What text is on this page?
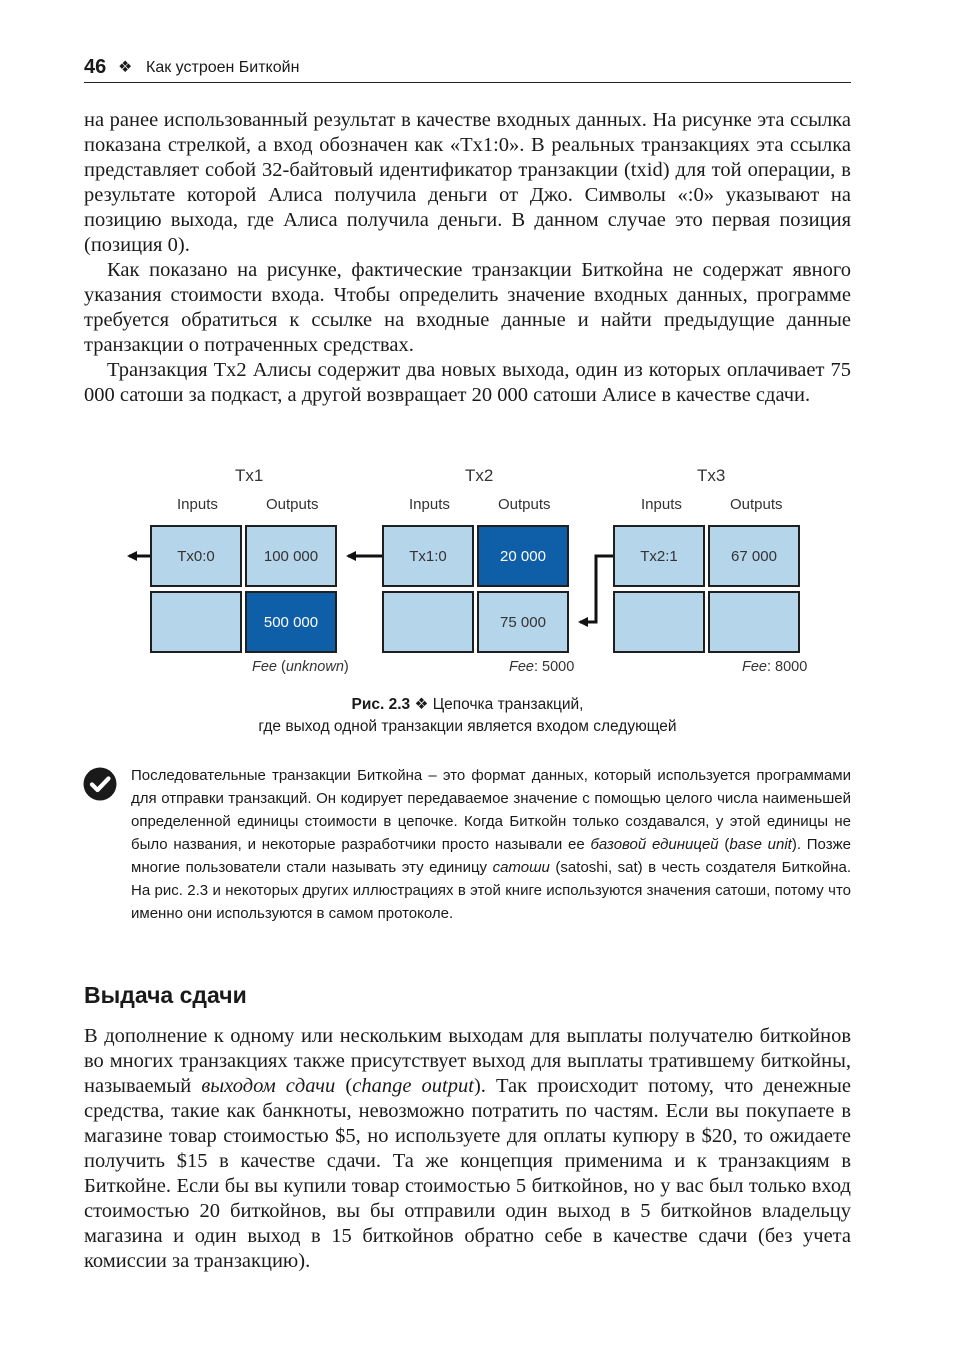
46 ❖ Как устроен Биткойн

на ранее использованный результат в качестве входных данных. На рисунке эта ссылка показана стрелкой, а вход обозначен как «Tx1:0». В реальных транзакциях эта ссылка представляет собой 32-байтовый идентификатор транзакции (txid) для той операции, в результате которой Алиса получила деньги от Джо. Символы «:0» указывают на позицию выхода, где Алиса получила деньги. В данном случае это первая позиция (позиция 0).

Как показано на рисунке, фактические транзакции Биткойна не содержат явного указания стоимости входа. Чтобы определить значение входных данных, программе требуется обратиться к ссылке на входные данные и найти предыдущие данные транзакции о потраченных средствах.

Транзакция Tx2 Алисы содержит два новых выхода, один из которых оплачивает 75 000 сатоши за подкаст, а другой возвращает 20 000 сатоши Алисе в качестве сдачи.

Tx1
Inputs	Outputs
Tx0:0	100 000
500 000
Fee (unknown)
Tx2
Inputs	Outputs
Tx1:0	20 000
75 000
Fee: 5000
Tx3
Inputs	Outputs
Tx2:1	67 000
Fee: 8000
Рис. 2.3 ❖ Цепочка транзакций,
где выход одной транзакции является входом следующей

Последовательные транзакции Биткойна – это формат данных, который используется программами для отправки транзакций. Он кодирует передаваемое значение с помощью целого числа наименьшей определенной единицы стоимости в цепочке. Когда Биткойн только создавался, у этой единицы не было названия, и некоторые разработчики просто называли ее базовой единицей (base unit). Позже многие пользователи стали называть эту единицу сатоши (satoshi, sat) в честь создателя Биткойна. На рис. 2.3 и некоторых других иллюстрациях в этой книге используются значения сатоши, потому что именно они используются в самом протоколе.

Выдача сдачи

В дополнение к одному или нескольким выходам для выплаты получателю биткойнов во многих транзакциях также присутствует выход для выплаты тратившему биткойны, называемый выходом сдачи (change output). Так происходит потому, что денежные средства, такие как банкноты, невозможно потратить по частям. Если вы покупаете в магазине товар стоимостью $5, но используете для оплаты купюру в $20, то ожидаете получить $15 в качестве сдачи. Та же концепция применима и к транзакциям в Биткойне. Если бы вы купили товар стоимостью 5 биткойнов, но у вас был только вход стоимостью 20 биткойнов, вы бы отправили один выход в 5 биткойнов владельцу магазина и один выход в 15 биткойнов обратно себе в качестве сдачи (без учета комиссии за транзакцию).
